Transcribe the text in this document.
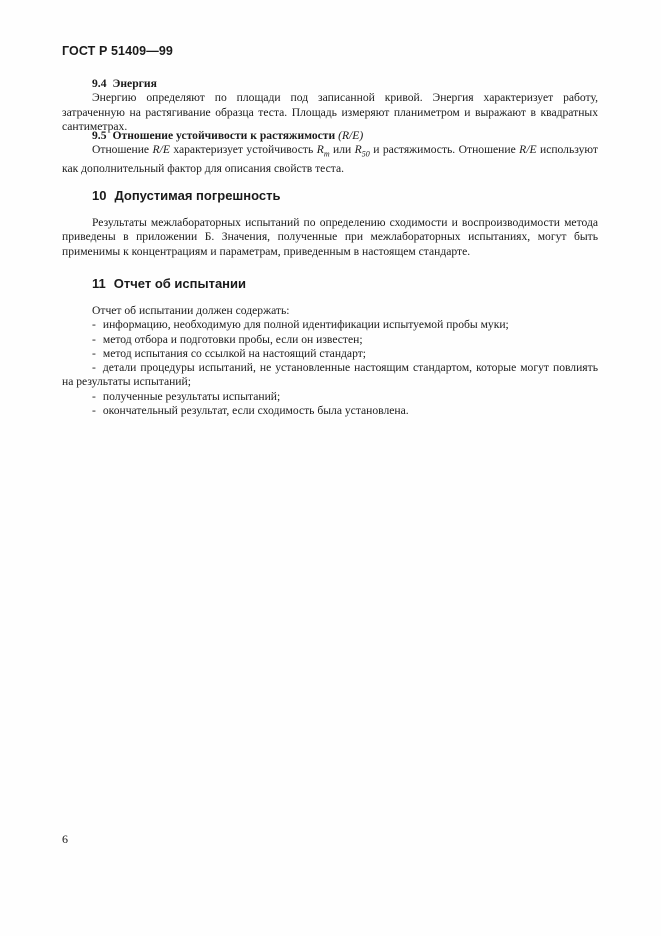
ГОСТ Р 51409—99
9.4 Энергия
Энергию определяют по площади под записанной кривой. Энергия характеризует работу, затраченную на растягивание образца теста. Площадь измеряют планиметром и выражают в квадратных сантиметрах.
9.5 Отношение устойчивости к растяжимости (R/E)
Отношение R/E характеризует устойчивость $R_m$ или $R_{50}$ и растяжимость. Отношение R/E используют как дополнительный фактор для описания свойств теста.
10 Допустимая погрешность
Результаты межлабораторных испытаний по определению сходимости и воспроизводимости метода приведены в приложении Б. Значения, полученные при межлабораторных испытаниях, могут быть применимы к концентрациям и параметрам, приведенным в настоящем стандарте.
11 Отчет об испытании
Отчет об испытании должен содержать:
- информацию, необходимую для полной идентификации испытуемой пробы муки;
- метод отбора и подготовки пробы, если он известен;
- метод испытания со ссылкой на настоящий стандарт;
- детали процедуры испытаний, не установленные настоящим стандартом, которые могут повлиять на результаты испытаний;
- полученные результаты испытаний;
- окончательный результат, если сходимость была установлена.
6
